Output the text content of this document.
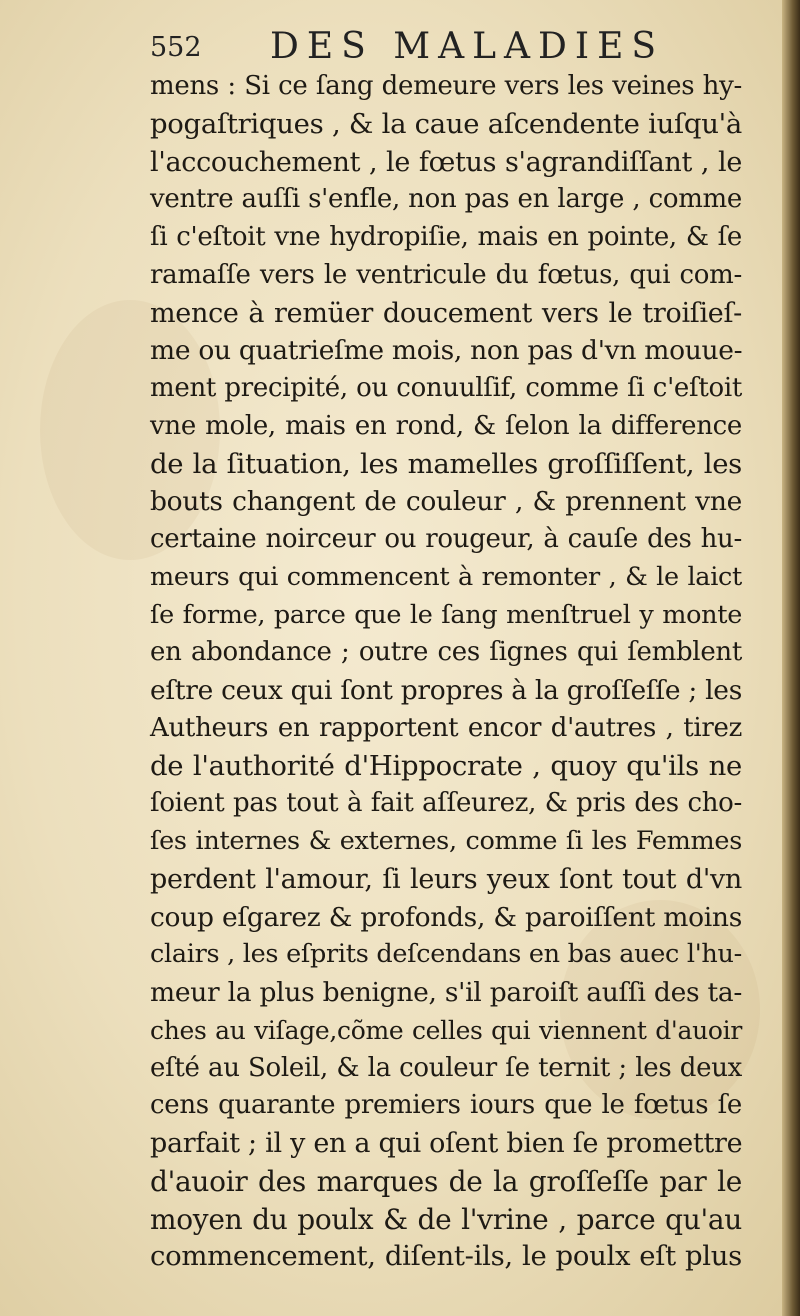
552 DES MALADIES
mens : Si ce ſang demeure vers les veines hy-
pogaſtriques , & la caue aſcendente iuſqu'à
l'accouchement , le fœtus s'agrandiſſant , le
ventre auſſi s'enfle, non pas en large , comme
ſi c'eſtoit vne hydropiſie, mais en pointe, & ſe
ramaſſe vers le ventricule du fœtus, qui com-
mence à remüer doucement vers le troiſieſ-
me ou quatrieſme mois, non pas d'vn mouue-
ment precipité, ou conuulſif, comme ſi c'eſtoit
vne mole, mais en rond, & ſelon la difference
de la ſituation, les mamelles groſſiſſent, les
bouts changent de couleur , & prennent vne
certaine noirceur ou rougeur, à cauſe des hu-
meurs qui commencent à remonter , & le laict
ſe forme, parce que le ſang menſtruel y monte
en abondance ; outre ces ſignes qui ſemblent
eſtre ceux qui ſont propres à la groſſeſſe ; les
Autheurs en rapportent encor d'autres , tirez
de l'authorité d'Hippocrate , quoy qu'ils ne
ſoient pas tout à fait aſſeurez, & pris des cho-
ſes internes & externes, comme ſi les Femmes
perdent l'amour, ſi leurs yeux ſont tout d'vn
coup eſgarez & profonds, & paroiſſent moins
clairs , les eſprits deſcendans en bas auec l'hu-
meur la plus benigne, s'il paroiſt auſſi des ta-
ches au viſage,cõme celles qui viennent d'auoir
eſté au Soleil, & la couleur ſe ternit ; les deux
cens quarante premiers iours que le fœtus ſe
parfait ; il y en a qui oſent bien ſe promettre
d'auoir des marques de la groſſeſſe par le
moyen du poulx & de l'vrine , parce qu'au
commencement, diſent-ils, le poulx eſt plus
